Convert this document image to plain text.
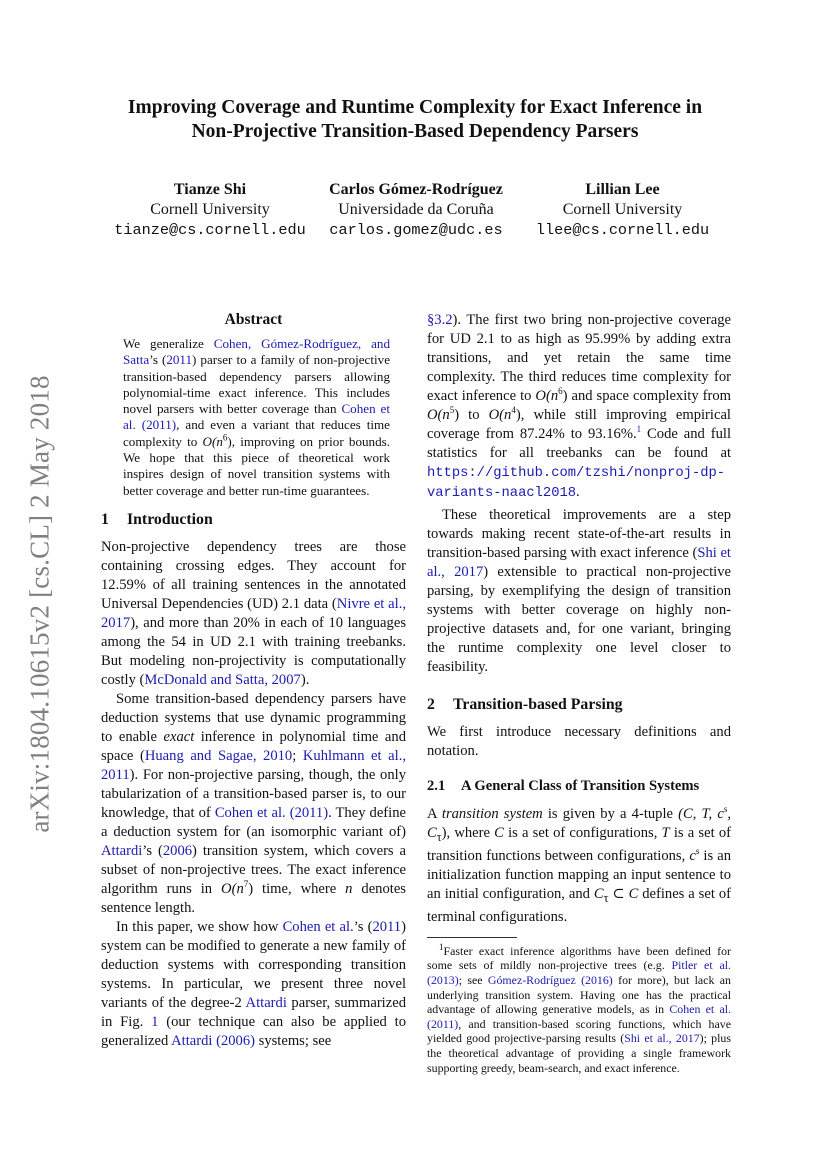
arXiv:1804.10615v2 [cs.CL] 2 May 2018
Improving Coverage and Runtime Complexity for Exact Inference in
Non-Projective Transition-Based Dependency Parsers
Tianze Shi
Cornell University
tianze@cs.cornell.edu
Carlos Gómez-Rodríguez
Universidade da Coruña
carlos.gomez@udc.es
Lillian Lee
Cornell University
llee@cs.cornell.edu

Abstract

We generalize Cohen, Gómez-Rodríguez, and Satta’s (2011) parser to a family of non-projective transition-based dependency parsers allowing polynomial-time exact inference. This includes novel parsers with better coverage than Cohen et al. (2011), and even a variant that reduces time complexity to $O(n^6)$, improving on prior bounds. We hope that this piece of theoretical work inspires design of novel transition systems with better coverage and better run-time guarantees.

1 Introduction

Non-projective dependency trees are those containing crossing edges. They account for 12.59% of all training sentences in the annotated Universal Dependencies (UD) 2.1 data (Nivre et al., 2017), and more than 20% in each of 10 languages among the 54 in UD 2.1 with training treebanks. But modeling non-projectivity is computationally costly (McDonald and Satta, 2007).

Some transition-based dependency parsers have deduction systems that use dynamic programming to enable exact inference in polynomial time and space (Huang and Sagae, 2010; Kuhlmann et al., 2011). For non-projective parsing, though, the only tabularization of a transition-based parser is, to our knowledge, that of Cohen et al. (2011). They define a deduction system for (an isomorphic variant of) Attardi’s (2006) transition system, which covers a subset of non-projective trees. The exact inference algorithm runs in $O(n^7)$ time, where n denotes sentence length.

In this paper, we show how Cohen et al.’s (2011) system can be modified to generate a new family of deduction systems with corresponding transition systems. In particular, we present three novel variants of the degree-2 Attardi parser, summarized in Fig. 1 (our technique can also be applied to generalized Attardi (2006) systems; see

§3.2). The first two bring non-projective coverage for UD 2.1 to as high as 95.99% by adding extra transitions, and yet retain the same time complexity. The third reduces time complexity for exact inference to $O(n^6)$ and space complexity from $O(n^5)$ to $O(n^4)$, while still improving empirical coverage from 87.24% to 93.16%.$^1$ Code and full statistics for all treebanks can be found at https://github.com/tzshi/nonproj-dp-variants-naacl2018.

These theoretical improvements are a step towards making recent state-of-the-art results in transition-based parsing with exact inference (Shi et al., 2017) extensible to practical non-projective parsing, by exemplifying the design of transition systems with better coverage on highly non-projective datasets and, for one variant, bringing the runtime complexity one level closer to feasibility.

2 Transition-based Parsing

We first introduce necessary definitions and notation.

2.1 A General Class of Transition Systems

A transition system is given by a 4-tuple (C, T, $c^s$, $C_\tau$), where C is a set of configurations, T is a set of transition functions between configurations, $c^s$ is an initialization function mapping an input sentence to an initial configuration, and $C_\tau$ ⊂ C defines a set of terminal configurations.

$^1$Faster exact inference algorithms have been defined for some sets of mildly non-projective trees (e.g. Pitler et al. (2013); see Gómez-Rodríguez (2016) for more), but lack an underlying transition system. Having one has the practical advantage of allowing generative models, as in Cohen et al. (2011), and transition-based scoring functions, which have yielded good projective-parsing results (Shi et al., 2017); plus the theoretical advantage of providing a single framework supporting greedy, beam-search, and exact inference.
